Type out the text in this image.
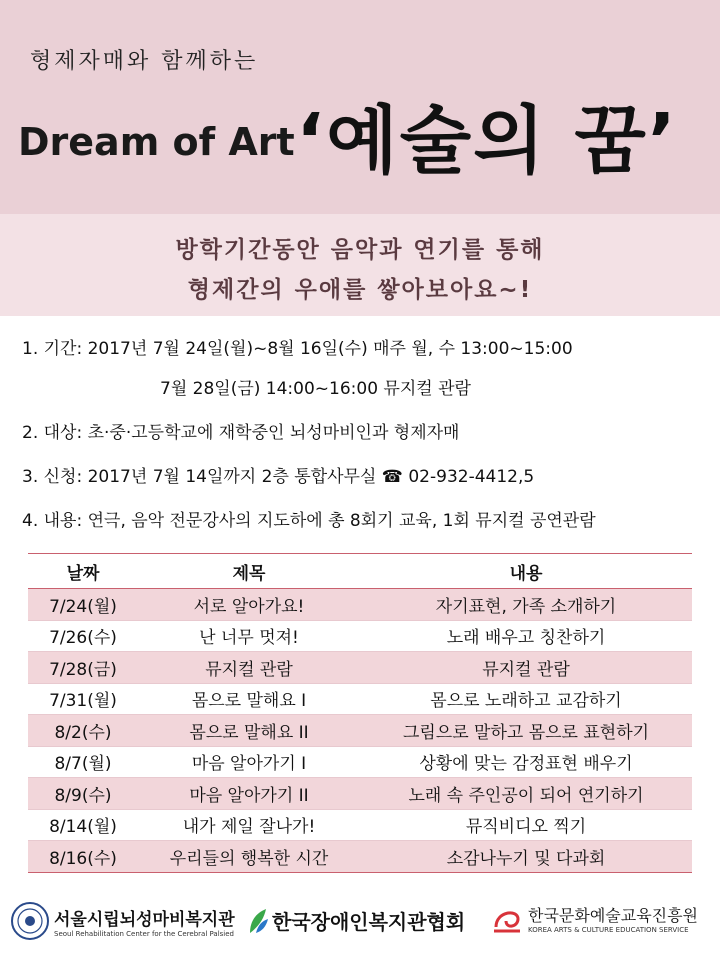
형제자매와 함께하는
Dream of Art ‘예술의 꿈’
방학기간동안 음악과 연기를 통해
형제간의 우애를 쌓아보아요~!
1. 기간: 2017년 7월 24일(월)~8월 16일(수) 매주 월, 수 13:00~15:00
7월 28일(금) 14:00~16:00 뮤지컬 관람
2. 대상: 초·중·고등학교에 재학중인 뇌성마비인과 형제자매
3. 신청: 2017년 7월 14일까지 2층 통합사무실 ☎ 02-932-4412,5
4. 내용: 연극, 음악 전문강사의 지도하에 총 8회기 교육, 1회 뮤지컬 공연관람
날짜	제목	내용
7/24(월)	서로 알아가요!	자기표현, 가족 소개하기
7/26(수)	난 너무 멋져!	노래 배우고 칭찬하기
7/28(금)	뮤지컬 관람	뮤지컬 관람
7/31(월)	몸으로 말해요 I	몸으로 노래하고 교감하기
8/2(수)	몸으로 말해요 II	그림으로 말하고 몸으로 표현하기
8/7(월)	마음 알아가기 I	상황에 맞는 감정표현 배우기
8/9(수)	마음 알아가기 II	노래 속 주인공이 되어 연기하기
8/14(월)	내가 제일 잘나가!	뮤직비디오 찍기
8/16(수)	우리들의 행복한 시간	소감나누기 및 다과회
서울시립뇌성마비복지관
Seoul Rehabilitation Center for the Cerebral Palsied 한국장애인복지관협회	한국문화예술교육진흥원
KOREA ARTS & CULTURE EDUCATION SERVICE
